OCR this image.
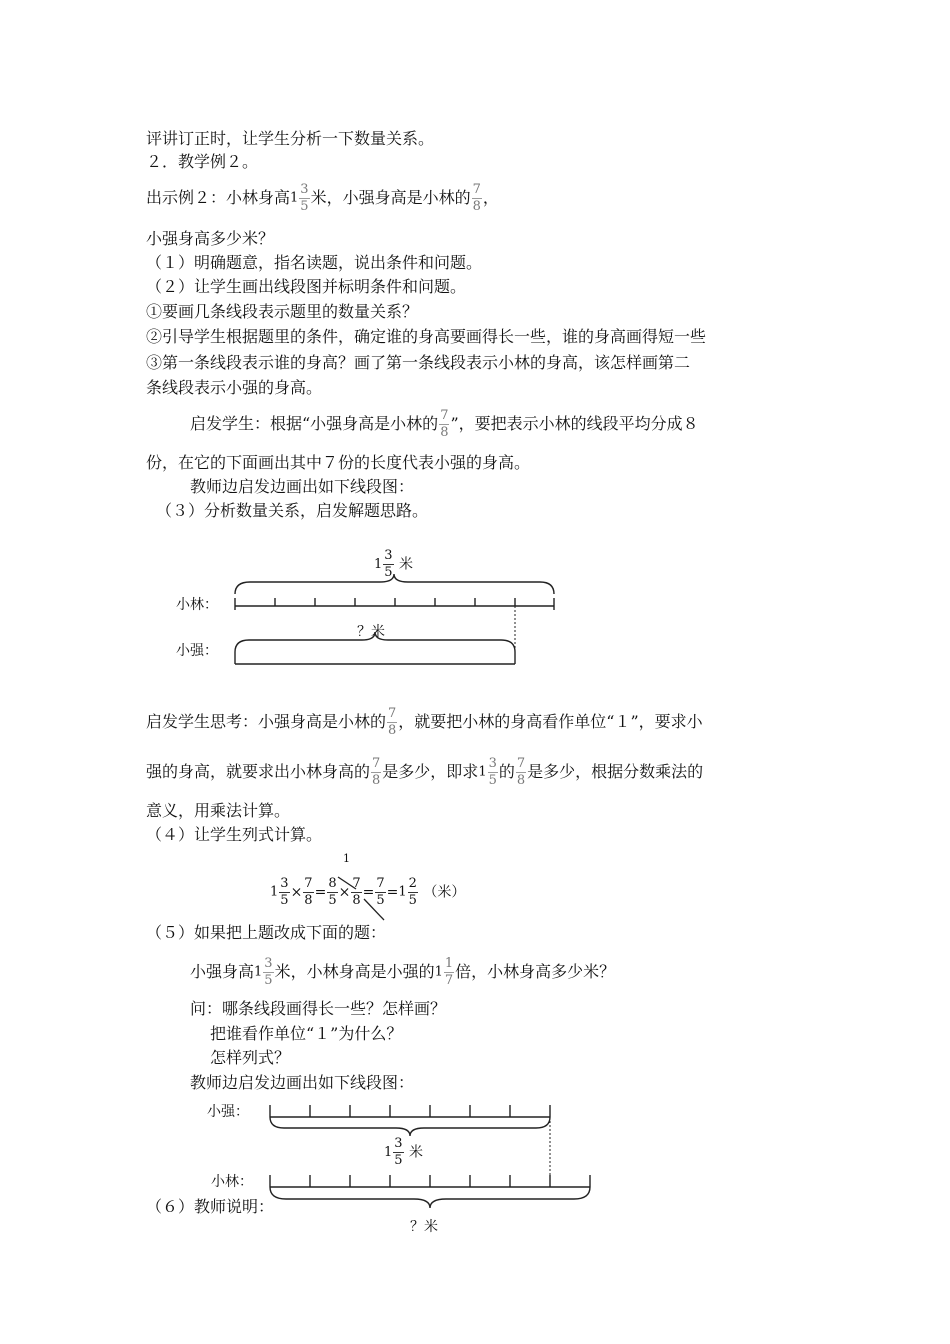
评讲订正时，让学生分析一下数量关系。
２．教学例２。
出示例２：小林身高$1 \frac{3}{5}$ 米，小强身高是小林的 $\frac{7}{8}$ ，
小强身高多少米？
（１）明确题意，指名读题，说出条件和问题。
（２）让学生画出线段图并标明条件和问题。
①要画几条线段表示题里的数量关系？
②引导学生根据题里的条件，确定谁的身高要画得长一些，谁的身高画得短一些
③第一条线段表示谁的身高？画了第一条线段表示小林的身高，该怎样画第二
条线段表示小强的身高。
启发学生：根据“小强身高是小林的 $\frac{7}{8}$ ”，要把表示小林的线段平均分成８
份，在它的下面画出其中７份的长度代表小强的身高。
教师边启发边画出如下线段图：
（３）分析数量关系，启发解题思路。
$1 \frac{3}{5}$ 米
小林：
？米
小强：
启发学生思考：小强身高是小林的 $\frac{7}{8}$ ，就要把小林的身高看作单位“１”，要求小
强的身高，就要求出小林身高的 $\frac{7}{8}$ 是多少，即求$1 \frac{3}{5}$ 的 $\frac{7}{8}$ 是多少，根据分数乘法的
意义，用乘法计算。
（４）让学生列式计算。
1
$1 \frac{3}{5} \times \frac{7}{8} = \frac{8}{5} \times \frac{7}{8} = \frac{7}{5} =1 \frac{2}{5}$ （米）
（５）如果把上题改成下面的题：
小强身高$1 \frac{3}{5}$ 米，小林身高是小强的$1 \frac{1}{7}$ 倍，小林身高多少米？
问：哪条线段画得长一些？怎样画？
把谁看作单位“１”为什么？
怎样列式？
教师边启发边画出如下线段图：
小强：
$1 \frac{3}{5}$ 米
小林：
（６）教师说明：
？米
